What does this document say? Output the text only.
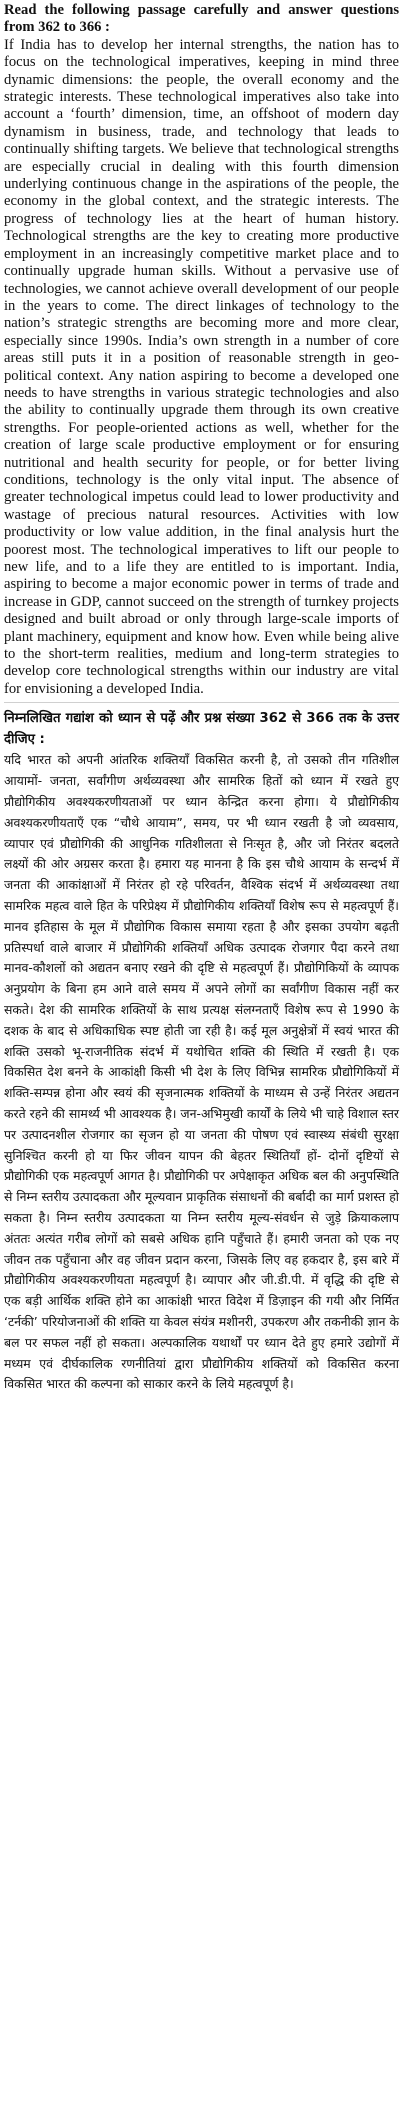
Read the following passage carefully and answer questions from 362 to 366 :

If India has to develop her internal strengths, the nation has to focus on the technological imperatives, keeping in mind three dynamic dimensions: the people, the overall economy and the strategic interests. These technological imperatives also take into account a ‘fourth’ dimension, time, an offshoot of modern day dynamism in business, trade, and technology that leads to continually shifting targets. We believe that technological strengths are especially crucial in dealing with this fourth dimension underlying continuous change in the aspirations of the people, the economy in the global context, and the strategic interests. The progress of technology lies at the heart of human history. Technological strengths are the key to creating more productive employment in an increasingly competitive market place and to continually upgrade human skills. Without a pervasive use of technologies, we cannot achieve overall development of our people in the years to come. The direct linkages of technology to the nation’s strategic strengths are becoming more and more clear, especially since 1990s. India’s own strength in a number of core areas still puts it in a position of reasonable strength in geo-political context. Any nation aspiring to become a developed one needs to have strengths in various strategic technologies and also the ability to continually upgrade them through its own creative strengths. For people-oriented actions as well, whether for the creation of large scale productive employment or for ensuring nutritional and health security for people, or for better living conditions, technology is the only vital input. The absence of greater technological impetus could lead to lower productivity and wastage of precious natural resources. Activities with low productivity or low value addition, in the final analysis hurt the poorest most. The technological imperatives to lift our people to new life, and to a life they are entitled to is important. India, aspiring to become a major economic power in terms of trade and increase in GDP, cannot succeed on the strength of turnkey projects designed and built abroad or only through large-scale imports of plant machinery, equipment and know how. Even while being alive to the short-term realities, medium and long-term strategies to develop core technological strengths within our industry are vital for envisioning a developed India.

निम्नलिखित गद्यांश को ध्यान से पढ़ें और प्रश्न संख्या 362 से 366 तक के उत्तर दीजिए :

यदि भारत को अपनी आंतरिक शक्तियाँ विकसित करनी है, तो उसको तीन गतिशील आयामों- जनता, सर्वांगीण अर्थव्यवस्था और सामरिक हितों को ध्यान में रखते हुए प्रौद्योगिकीय अवश्यकरणीयताओं पर ध्यान केन्द्रित करना होगा। ये प्रौद्योगिकीय अवश्यकरणीयताएँ एक “चौथे आयाम”, समय, पर भी ध्यान रखती है जो व्यवसाय, व्यापार एवं प्रौद्योगिकी की आधुनिक गतिशीलता से निःसृत है, और जो निरंतर बदलते लक्ष्यों की ओर अग्रसर करता है। हमारा यह मानना है कि इस चौथे आयाम के सन्दर्भ में जनता की आकांक्षाओं में निरंतर हो रहे परिवर्तन, वैश्विक संदर्भ में अर्थव्यवस्था तथा सामरिक महत्व वाले हित के परिप्रेक्ष्य में प्रौद्योगिकीय शक्तियाँ विशेष रूप से महत्वपूर्ण हैं। मानव इतिहास के मूल में प्रौद्योगिक विकास समाया रहता है और इसका उपयोग बढ़ती प्रतिस्पर्धा वाले बाजार में प्रौद्योगिकी शक्तियाँ अधिक उत्पादक रोजगार पैदा करने तथा मानव-कौशलों को अद्यतन बनाए रखने की दृष्टि से महत्वपूर्ण हैं। प्रौद्योगिकियों के व्यापक अनुप्रयोग के बिना हम आने वाले समय में अपने लोगों का सर्वांगीण विकास नहीं कर सकते। देश की सामरिक शक्तियों के साथ प्रत्यक्ष संलग्नताएँ विशेष रूप से 1990 के दशक के बाद से अधिकाधिक स्पष्ट होती जा रही है। कई मूल अनुक्षेत्रों में स्वयं भारत की शक्ति उसको भू-राजनीतिक संदर्भ में यथोचित शक्ति की स्थिति में रखती है। एक विकसित देश बनने के आकांक्षी किसी भी देश के लिए विभिन्न सामरिक प्रौद्योगिकियों में शक्ति-सम्पन्न होना और स्वयं की सृजनात्मक शक्तियों के माध्यम से उन्हें निरंतर अद्यतन करते रहने की सामर्थ्य भी आवश्यक है। जन-अभिमुखी कार्यों के लिये भी चाहे विशाल स्तर पर उत्पादनशील रोजगार का सृजन हो या जनता की पोषण एवं स्वास्थ्य संबंधी सुरक्षा सुनिश्चित करनी हो या फिर जीवन यापन की बेहतर स्थितियाँ हों- दोनों दृष्टियों से प्रौद्योगिकी एक महत्वपूर्ण आगत है। प्रौद्योगिकी पर अपेक्षाकृत अधिक बल की अनुपस्थिति से निम्न स्तरीय उत्पादकता और मूल्यवान प्राकृतिक संसाधनों की बर्बादी का मार्ग प्रशस्त हो सकता है। निम्न स्तरीय उत्पादकता या निम्न स्तरीय मूल्य-संवर्धन से जुड़े क्रियाकलाप अंततः अत्यंत गरीब लोगों को सबसे अधिक हानि पहुँचाते हैं। हमारी जनता को एक नए जीवन तक पहुँचाना और वह जीवन प्रदान करना, जिसके लिए वह हकदार है, इस बारे में प्रौद्योगिकीय अवश्यकरणीयता महत्वपूर्ण है। व्यापार और जी.डी.पी. में वृद्धि की दृष्टि से एक बड़ी आर्थिक शक्ति होने का आकांक्षी भारत विदेश में डिज़ाइन की गयी और निर्मित ‘टर्नकी’ परियोजनाओं की शक्ति या केवल संयंत्र मशीनरी, उपकरण और तकनीकी ज्ञान के बल पर सफल नहीं हो सकता। अल्पकालिक यथार्थों पर ध्यान देते हुए हमारे उद्योगों में मध्यम एवं दीर्घकालिक रणनीतियां द्वारा प्रौद्योगिकीय शक्तियों को विकसित करना विकसित भारत की कल्पना को साकार करने के लिये महत्वपूर्ण है।
